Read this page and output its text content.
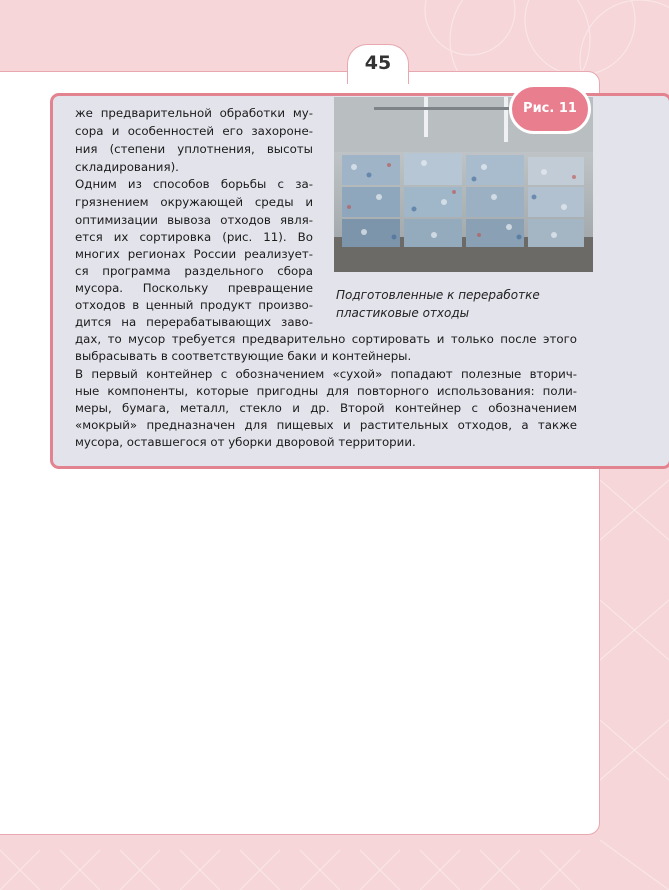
45
Рис. 11
Подготовленные к переработке
пластиковые отходы
же предварительной обработки му-
сора и особенностей его захороне-
ния (степени уплотнения, высоты
складирования).
Одним из способов борьбы с за-
грязнением окружающей среды и
оптимизации вывоза отходов явля-
ется их сортировка (рис. 11). Во
многих регионах России реализует-
ся программа раздельного сбора
мусора. Поскольку превращение
отходов в ценный продукт произво-
дится на перерабатывающих заво-
дах, то мусор требуется предварительно сортировать и только после этого
выбрасывать в соответствующие баки и контейнеры.
В первый контейнер с обозначением «сухой» попадают полезные вторич-
ные компоненты, которые пригодны для повторного использования: поли-
меры, бумага, металл, стекло и др. Второй контейнер с обозначением
«мокрый» предназначен для пищевых и растительных отходов, а также
мусора, оставшегося от уборки дворовой территории.
